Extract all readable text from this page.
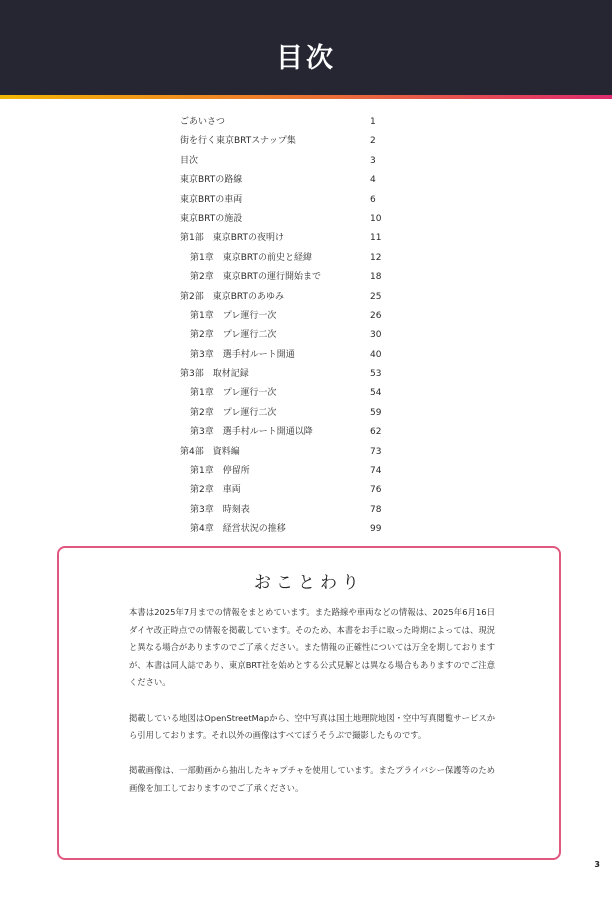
目次
ごあいさつ	1
街を行く東京BRTスナップ集	2
目次	3
東京BRTの路線	4
東京BRTの車両	6
東京BRTの施設	10
第1部　東京BRTの夜明け	11
第1章　東京BRTの前史と経緯	12
第2章　東京BRTの運行開始まで	18
第2部　東京BRTのあゆみ	25
第1章　プレ運行一次	26
第2章　プレ運行二次	30
第3章　選手村ルート開通	40
第3部　取材記録	53
第1章　プレ運行一次	54
第2章　プレ運行二次	59
第3章　選手村ルート開通以降	62
第4部　資料編	73
第1章　停留所	74
第2章　車両	76
第3章　時刻表	78
第4章　経営状況の推移	99
おことわり

本書は2025年7月までの情報をまとめています。また路線や車両などの情報は、2025年6月16日ダイヤ改正時点での情報を掲載しています。そのため、本書をお手に取った時期によっては、現況と異なる場合がありますのでご了承ください。また情報の正確性については万全を期しておりますが、本書は同人誌であり、東京BRT社を始めとする公式見解とは異なる場合もありますのでご注意ください。

掲載している地図はOpenStreetMapから、空中写真は国土地理院地図・空中写真閲覧サービスから引用しております。それ以外の画像はすべてぽうそうぶで撮影したものです。

掲載画像は、一部動画から抽出したキャプチャを使用しています。またプライバシー保護等のため画像を加工しておりますのでご了承ください。

3
